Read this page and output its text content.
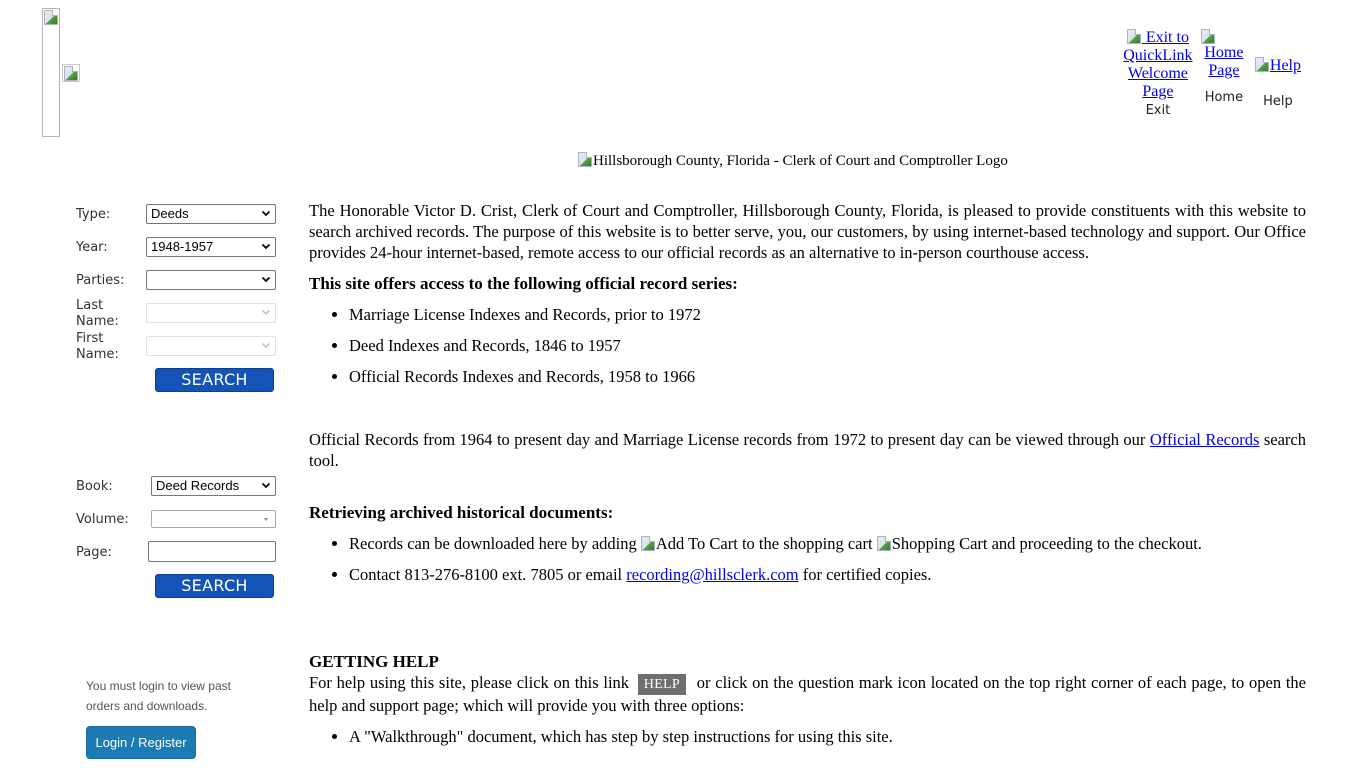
Exit to QuickLink Welcome Page
Exit
Home Page
Home
Help
Help
Hillsborough County, Florida - Clerk of Court and Comptroller Logo
Type:	Deeds
Year:	1948-1957
Parties:
Last Name:
First Name:
SEARCH
Book:	Deed Records
Volume:
Page:
SEARCH
You must login to view past orders and downloads.
Login / Register

The Honorable Victor D. Crist, Clerk of Court and Comptroller, Hillsborough County, Florida, is pleased to provide constituents with this website to search archived records. The purpose of this website is to better serve, you, our customers, by using internet-based technology and support. Our Office provides 24-hour internet-based, remote access to our official records as an alternative to in-person courthouse access.

This site offers access to the following official record series:
• Marriage License Indexes and Records, prior to 1972
• Deed Indexes and Records, 1846 to 1957
• Official Records Indexes and Records, 1958 to 1966

Official Records from 1964 to present day and Marriage License records from 1972 to present day can be viewed through our Official Records search tool.

Retrieving archived historical documents:
• Records can be downloaded here by adding Add To Cart to the shopping cart Shopping Cart and proceeding to the checkout.
• Contact 813-276-8100 ext. 7805 or email recording@hillsclerk.com for certified copies.
GETTING HELP

For help using this site, please click on this link HELP or click on the question mark icon located on the top right corner of each page, to open the help and support page; which will provide you with three options:

• A "Walkthrough" document, which has step by step instructions for using this site.
